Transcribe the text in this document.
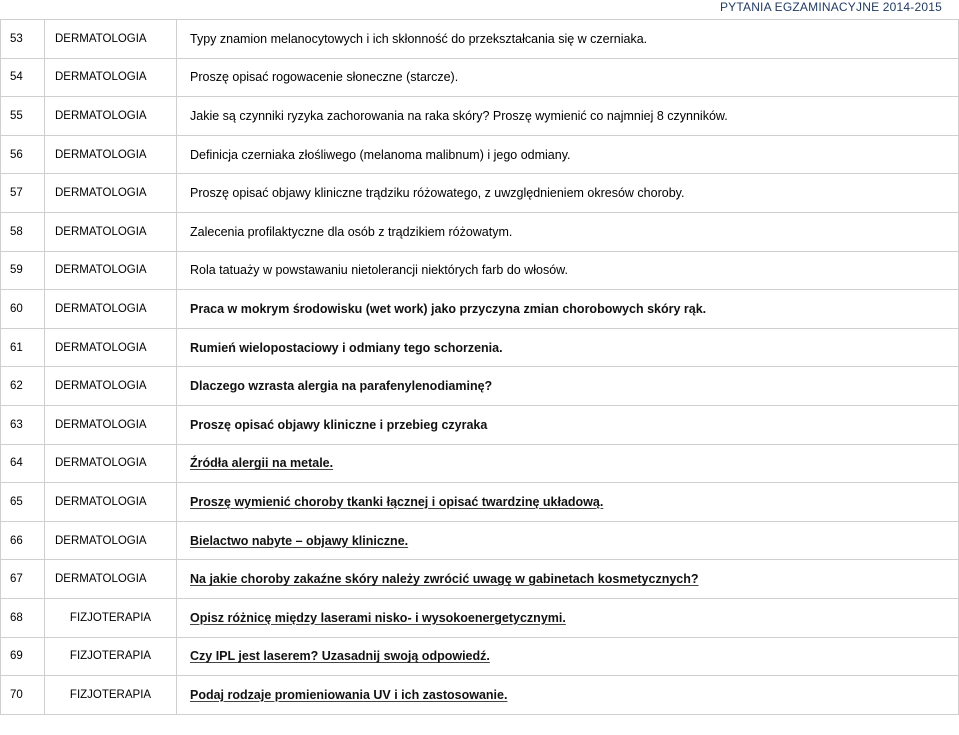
PYTANIA EGZAMINACYJNE 2014-2015
53	DERMATOLOGIA	Typy znamion melanocytowych i ich skłonność do przekształcania się w czerniaka.
54	DERMATOLOGIA	Proszę opisać rogowacenie słoneczne (starcze).
55	DERMATOLOGIA	Jakie są czynniki ryzyka zachorowania na raka skóry? Proszę wymienić co najmniej 8 czynników.
56	DERMATOLOGIA	Definicja czerniaka złośliwego (melanoma malibnum) i jego odmiany.
57	DERMATOLOGIA	Proszę opisać objawy kliniczne trądziku różowatego, z uwzględnieniem okresów choroby.
58	DERMATOLOGIA	Zalecenia profilaktyczne dla osób z trądzikiem różowatym.
59	DERMATOLOGIA	Rola tatuaży w powstawaniu nietolerancji niektórych farb do włosów.
60	DERMATOLOGIA	Praca w mokrym środowisku (wet work) jako przyczyna zmian chorobowych skóry rąk.
61	DERMATOLOGIA	Rumień wielopostaciowy i odmiany tego schorzenia.
62	DERMATOLOGIA	Dlaczego wzrasta alergia na parafenylenodiaminę?
63	DERMATOLOGIA	Proszę opisać objawy kliniczne i przebieg czyraka
64	DERMATOLOGIA	Źródła alergii na metale.
65	DERMATOLOGIA	Proszę wymienić choroby tkanki łącznej i opisać twardzinę układową.
66	DERMATOLOGIA	Bielactwo nabyte – objawy kliniczne.
67	DERMATOLOGIA	Na jakie choroby zakaźne skóry należy zwrócić uwagę w gabinetach kosmetycznych?
68	FIZJOTERAPIA	Opisz różnicę między laserami nisko- i wysokoenergetycznymi.
69	FIZJOTERAPIA	Czy IPL jest laserem? Uzasadnij swoją odpowiedź.
70	FIZJOTERAPIA	Podaj rodzaje promieniowania UV i ich zastosowanie.
